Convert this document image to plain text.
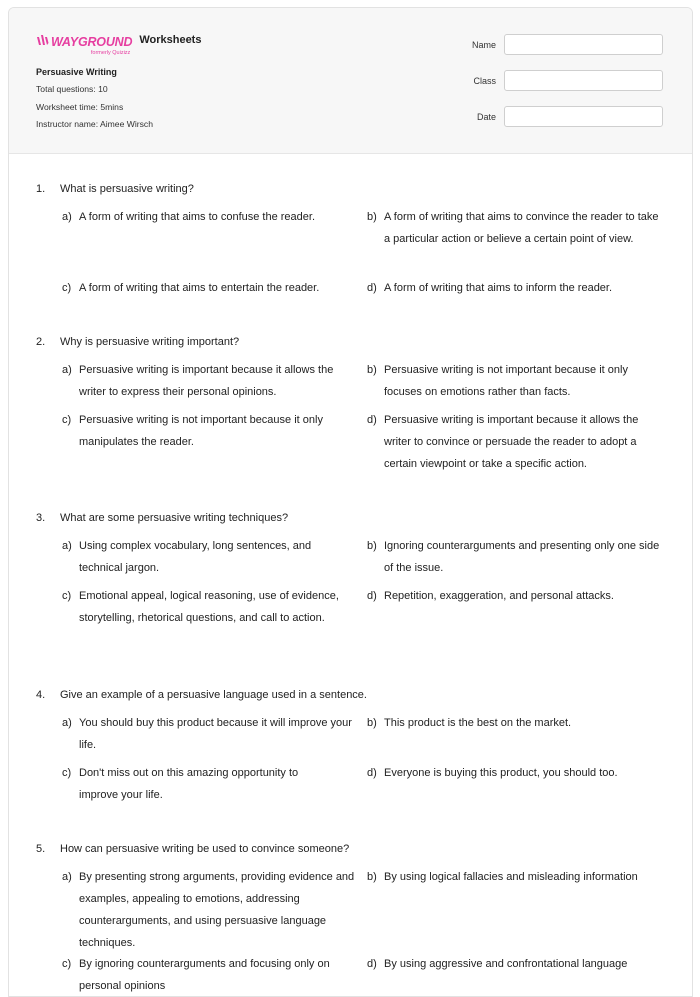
WAYGROUND
formerly Quizizz
Worksheets
Persuasive Writing
Total questions: 10
Worksheet time: 5mins
Instructor name: Aimee Wirsch
Name
Class
Date
1. What is persuasive writing?
a) A form of writing that aims to confuse the reader.	b) A form of writing that aims to convince the reader to take a particular action or believe a certain point of view.
c) A form of writing that aims to entertain the reader.	d) A form of writing that aims to inform the reader.
2. Why is persuasive writing important?
a) Persuasive writing is important because it allows the writer to express their personal opinions.
b) Persuasive writing is not important because it only focuses on emotions rather than facts.
c) Persuasive writing is not important because it only manipulates the reader.
d) Persuasive writing is important because it allows the writer to convince or persuade the reader to adopt a certain viewpoint or take a specific action.
3. What are some persuasive writing techniques?
a) Using complex vocabulary, long sentences, and technical jargon.
b) Ignoring counterarguments and presenting only one side of the issue.
c) Emotional appeal, logical reasoning, use of evidence, storytelling, rhetorical questions, and call to action.
d) Repetition, exaggeration, and personal attacks.
4. Give an example of a persuasive language used in a sentence.
a) You should buy this product because it will improve your life.
b) This product is the best on the market.
c) Don't miss out on this amazing opportunity to improve your life.
d) Everyone is buying this product, you should too.
5. How can persuasive writing be used to convince someone?
a) By presenting strong arguments, providing evidence and examples, appealing to emotions, addressing counterarguments, and using persuasive language techniques.
b) By using logical fallacies and misleading information
c) By ignoring counterarguments and focusing only on personal opinions
d) By using aggressive and confrontational language
